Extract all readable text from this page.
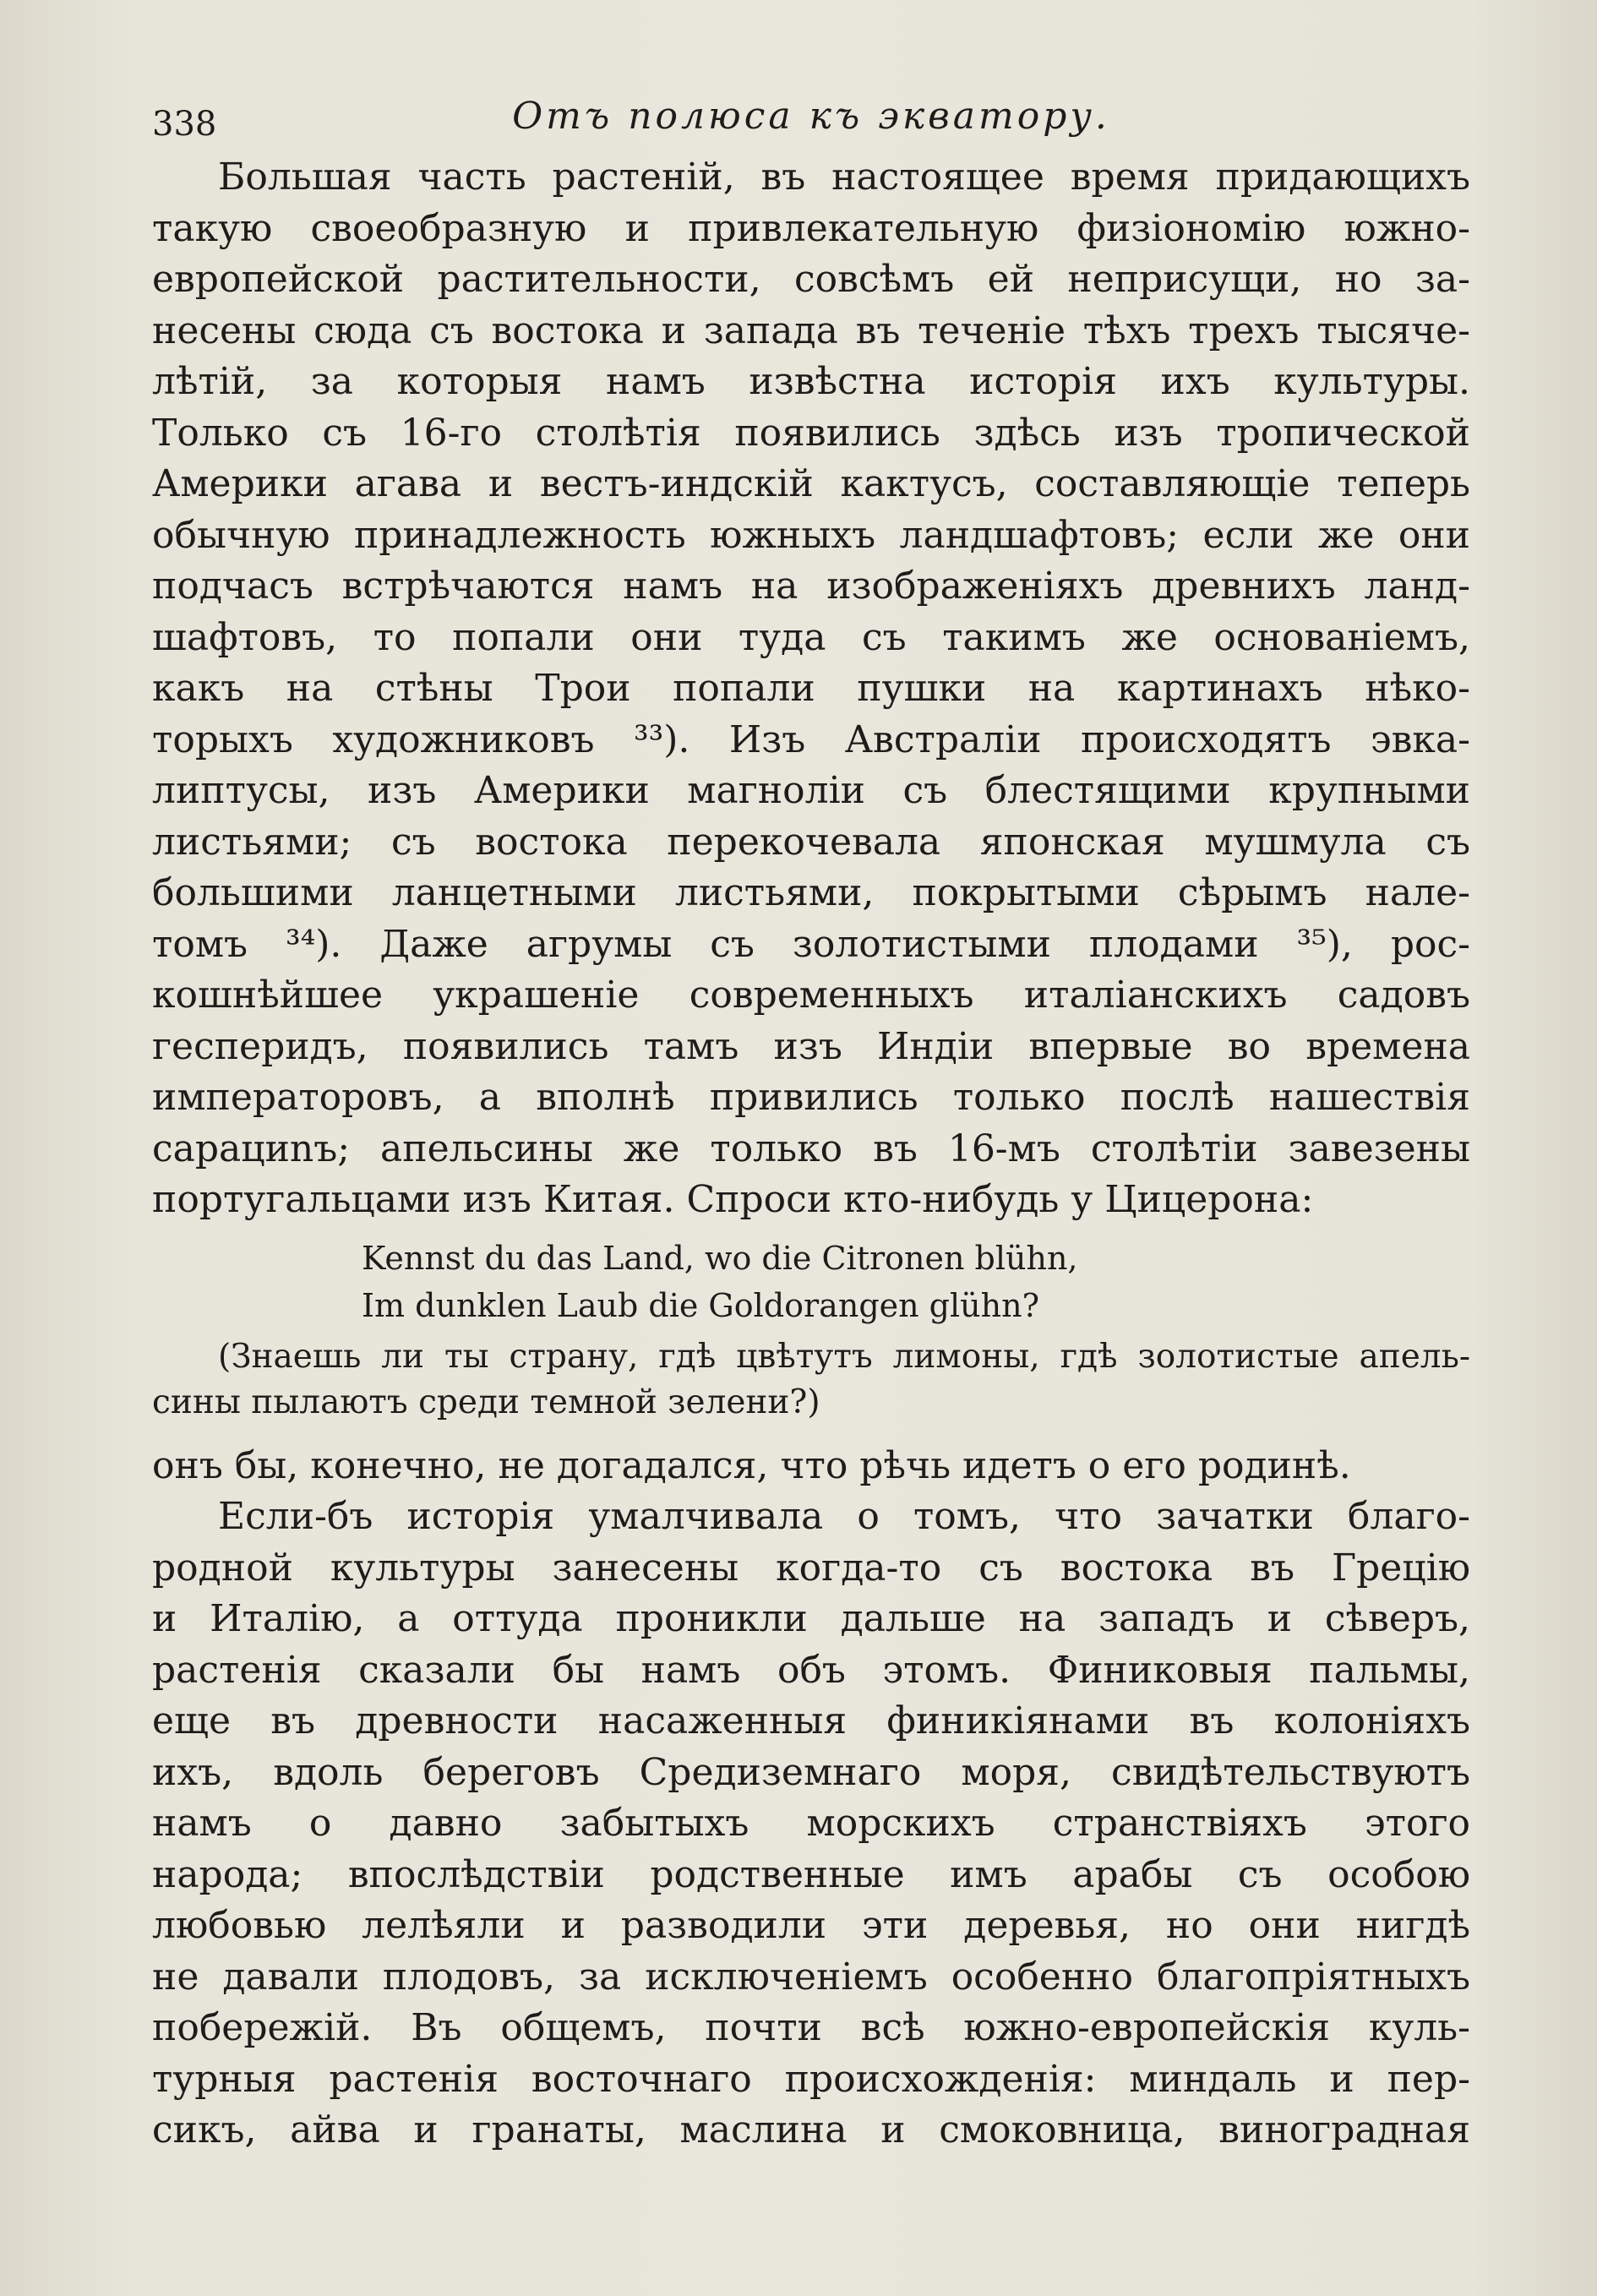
338	Отъ полюса къ экватору.
Большая часть растеній, въ настоящее время придающихъ
такую своеобразную и привлекательную физіономію южно-
европейской растительности, совсѣмъ ей неприсущи, но за-
несены сюда съ востока и запада въ теченіе тѣхъ трехъ тысяче-
лѣтій, за которыя намъ извѣстна исторія ихъ культуры.
Только съ 16-го столѣтія появились здѣсь изъ тропической
Америки агава и вестъ-индскій кактусъ, составляющіе теперь
обычную принадлежность южныхъ ландшафтовъ; если же они
подчасъ встрѣчаются намъ на изображеніяхъ древнихъ ланд-
шафтовъ, то попали они туда съ такимъ же основаніемъ,
какъ на стѣны Трои попали пушки на картинахъ нѣко-
торыхъ художниковъ ³³). Изъ Австраліи происходятъ эвка-
липтусы, изъ Америки магноліи съ блестящими крупными
листьями; съ востока перекочевала японская мушмула съ
большими ланцетными листьями, покрытыми сѣрымъ нале-
томъ ³⁴). Даже агрумы съ золотистыми плодами ³⁵), рос-
кошнѣйшее украшеніе современныхъ италіанскихъ садовъ
гесперидъ, появились тамъ изъ Индіи впервые во времена
императоровъ, а вполнѣ привились только послѣ нашествія
сарациnъ; апельсины же только въ 16-мъ столѣтіи завезены
португальцами изъ Китая. Спроси кто-нибудь у Цицерона:
Kennst du das Land, wo die Citronen blühn,
Im dunklen Laub die Goldorangen glühn?
(Знаешь ли ты страну, гдѣ цвѣтутъ лимоны, гдѣ золотистые апель-
сины пылаютъ среди темной зелени?)
онъ бы, конечно, не догадался, что рѣчь идетъ о его родинѣ.
Если-бъ исторія умалчивала о томъ, что зачатки благо-
родной культуры занесены когда-то съ востока въ Грецію
и Италію, а оттуда проникли дальше на западъ и сѣверъ,
растенія сказали бы намъ объ этомъ. Финиковыя пальмы,
еще въ древности насаженныя финикіянами въ колоніяхъ
ихъ, вдоль береговъ Средиземнаго моря, свидѣтельствуютъ
намъ о давно забытыхъ морскихъ странствіяхъ этого
народа; впослѣдствіи родственные имъ арабы съ особою
любовью лелѣяли и разводили эти деревья, но они нигдѣ
не давали плодовъ, за исключеніемъ особенно благопріятныхъ
побережій. Въ общемъ, почти всѣ южно-европейскія куль-
турныя растенія восточнаго происхожденія: миндаль и пер-
сикъ, айва и гранаты, маслина и смоковница, виноградная
